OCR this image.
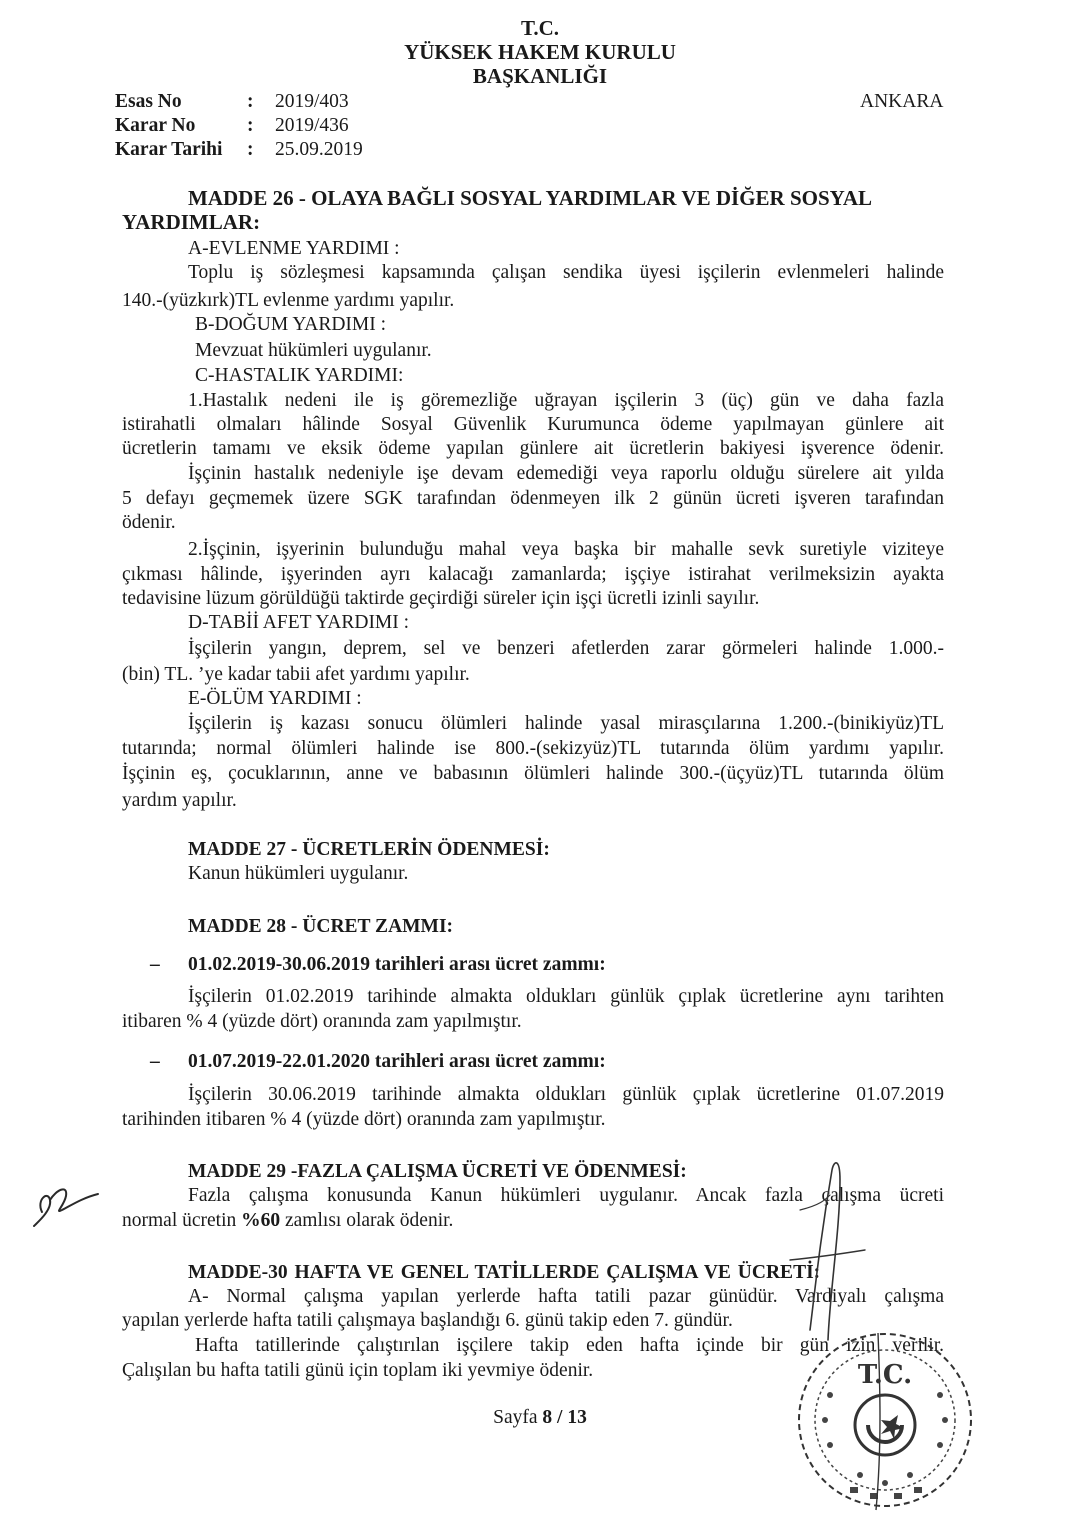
T.C.
YÜKSEK HAKEM KURULU
BAŞKANLIĞI
Esas No	: 2019/403
Karar No	: 2019/436
Karar Tarihi : 25.09.2019
ANKARA
MADDE 26 - OLAYA BAĞLI SOSYAL YARDIMLAR VE DİĞER SOSYAL
YARDIMLAR:
A-EVLENME YARDIMI :
Toplu iş sözleşmesi kapsamında çalışan sendika üyesi işçilerin evlenmeleri halinde
140.-(yüzkırk)TL evlenme yardımı yapılır.
B-DOĞUM YARDIMI :
Mevzuat hükümleri uygulanır.
C-HASTALIK YARDIMI:
1.Hastalık nedeni ile iş göremezliğe uğrayan işçilerin 3 (üç) gün ve daha fazla
istirahatli olmaları hâlinde Sosyal Güvenlik Kurumunca ödeme yapılmayan günlere ait
ücretlerin tamamı ve eksik ödeme yapılan günlere ait ücretlerin bakiyesi işverence ödenir.
İşçinin hastalık nedeniyle işe devam edemediği veya raporlu olduğu sürelere ait yılda
5 defayı geçmemek üzere SGK tarafından ödenmeyen ilk 2 günün ücreti işveren tarafından
ödenir.
2.İşçinin, işyerinin bulunduğu mahal veya başka bir mahalle sevk suretiyle viziteye
çıkması hâlinde, işyerinden ayrı kalacağı zamanlarda; işçiye istirahat verilmeksizin ayakta
tedavisine lüzum görüldüğü taktirde geçirdiği süreler için işçi ücretli izinli sayılır.
D-TABİİ AFET YARDIMI :
İşçilerin yangın, deprem, sel ve benzeri afetlerden zarar görmeleri halinde 1.000.-
(bin) TL. ’ye kadar tabii afet yardımı yapılır.
E-ÖLÜM YARDIMI :
İşçilerin iş kazası sonucu ölümleri halinde yasal mirasçılarına 1.200.-(binikiyüz)TL
tutarında; normal ölümleri halinde ise 800.-(sekizyüz)TL tutarında ölüm yardımı yapılır.
İşçinin eş, çocuklarının, anne ve babasının ölümleri halinde 300.-(üçyüz)TL tutarında ölüm
yardım yapılır.
MADDE 27 - ÜCRETLERİN ÖDENMESİ:
Kanun hükümleri uygulanır.
MADDE 28 - ÜCRET ZAMMI:
– 01.02.2019-30.06.2019 tarihleri arası ücret zammı:
İşçilerin 01.02.2019 tarihinde almakta oldukları günlük çıplak ücretlerine aynı tarihten
itibaren % 4 (yüzde dört) oranında zam yapılmıştır.
– 01.07.2019-22.01.2020 tarihleri arası ücret zammı:
İşçilerin 30.06.2019 tarihinde almakta oldukları günlük çıplak ücretlerine 01.07.2019
tarihinden itibaren % 4 (yüzde dört) oranında zam yapılmıştır.
MADDE 29 -FAZLA ÇALIŞMA ÜCRETİ VE ÖDENMESİ:
Fazla çalışma konusunda Kanun hükümleri uygulanır. Ancak fazla çalışma ücreti
normal ücretin %60 zamlısı olarak ödenir.
MADDE-30 HAFTA VE GENEL TATİLLERDE ÇALIŞMA VE ÜCRETİ:
A- Normal çalışma yapılan yerlerde hafta tatili pazar günüdür. Vardiyalı çalışma
yapılan yerlerde hafta tatili çalışmaya başlandığı 6. günü takip eden 7. gündür.
Hafta tatillerinde çalıştırılan işçilere takip eden hafta içinde bir gün izin verilir.
Çalışılan bu hafta tatili günü için toplam iki yevmiye ödenir.
Sayfa 8 / 13
T.C.
